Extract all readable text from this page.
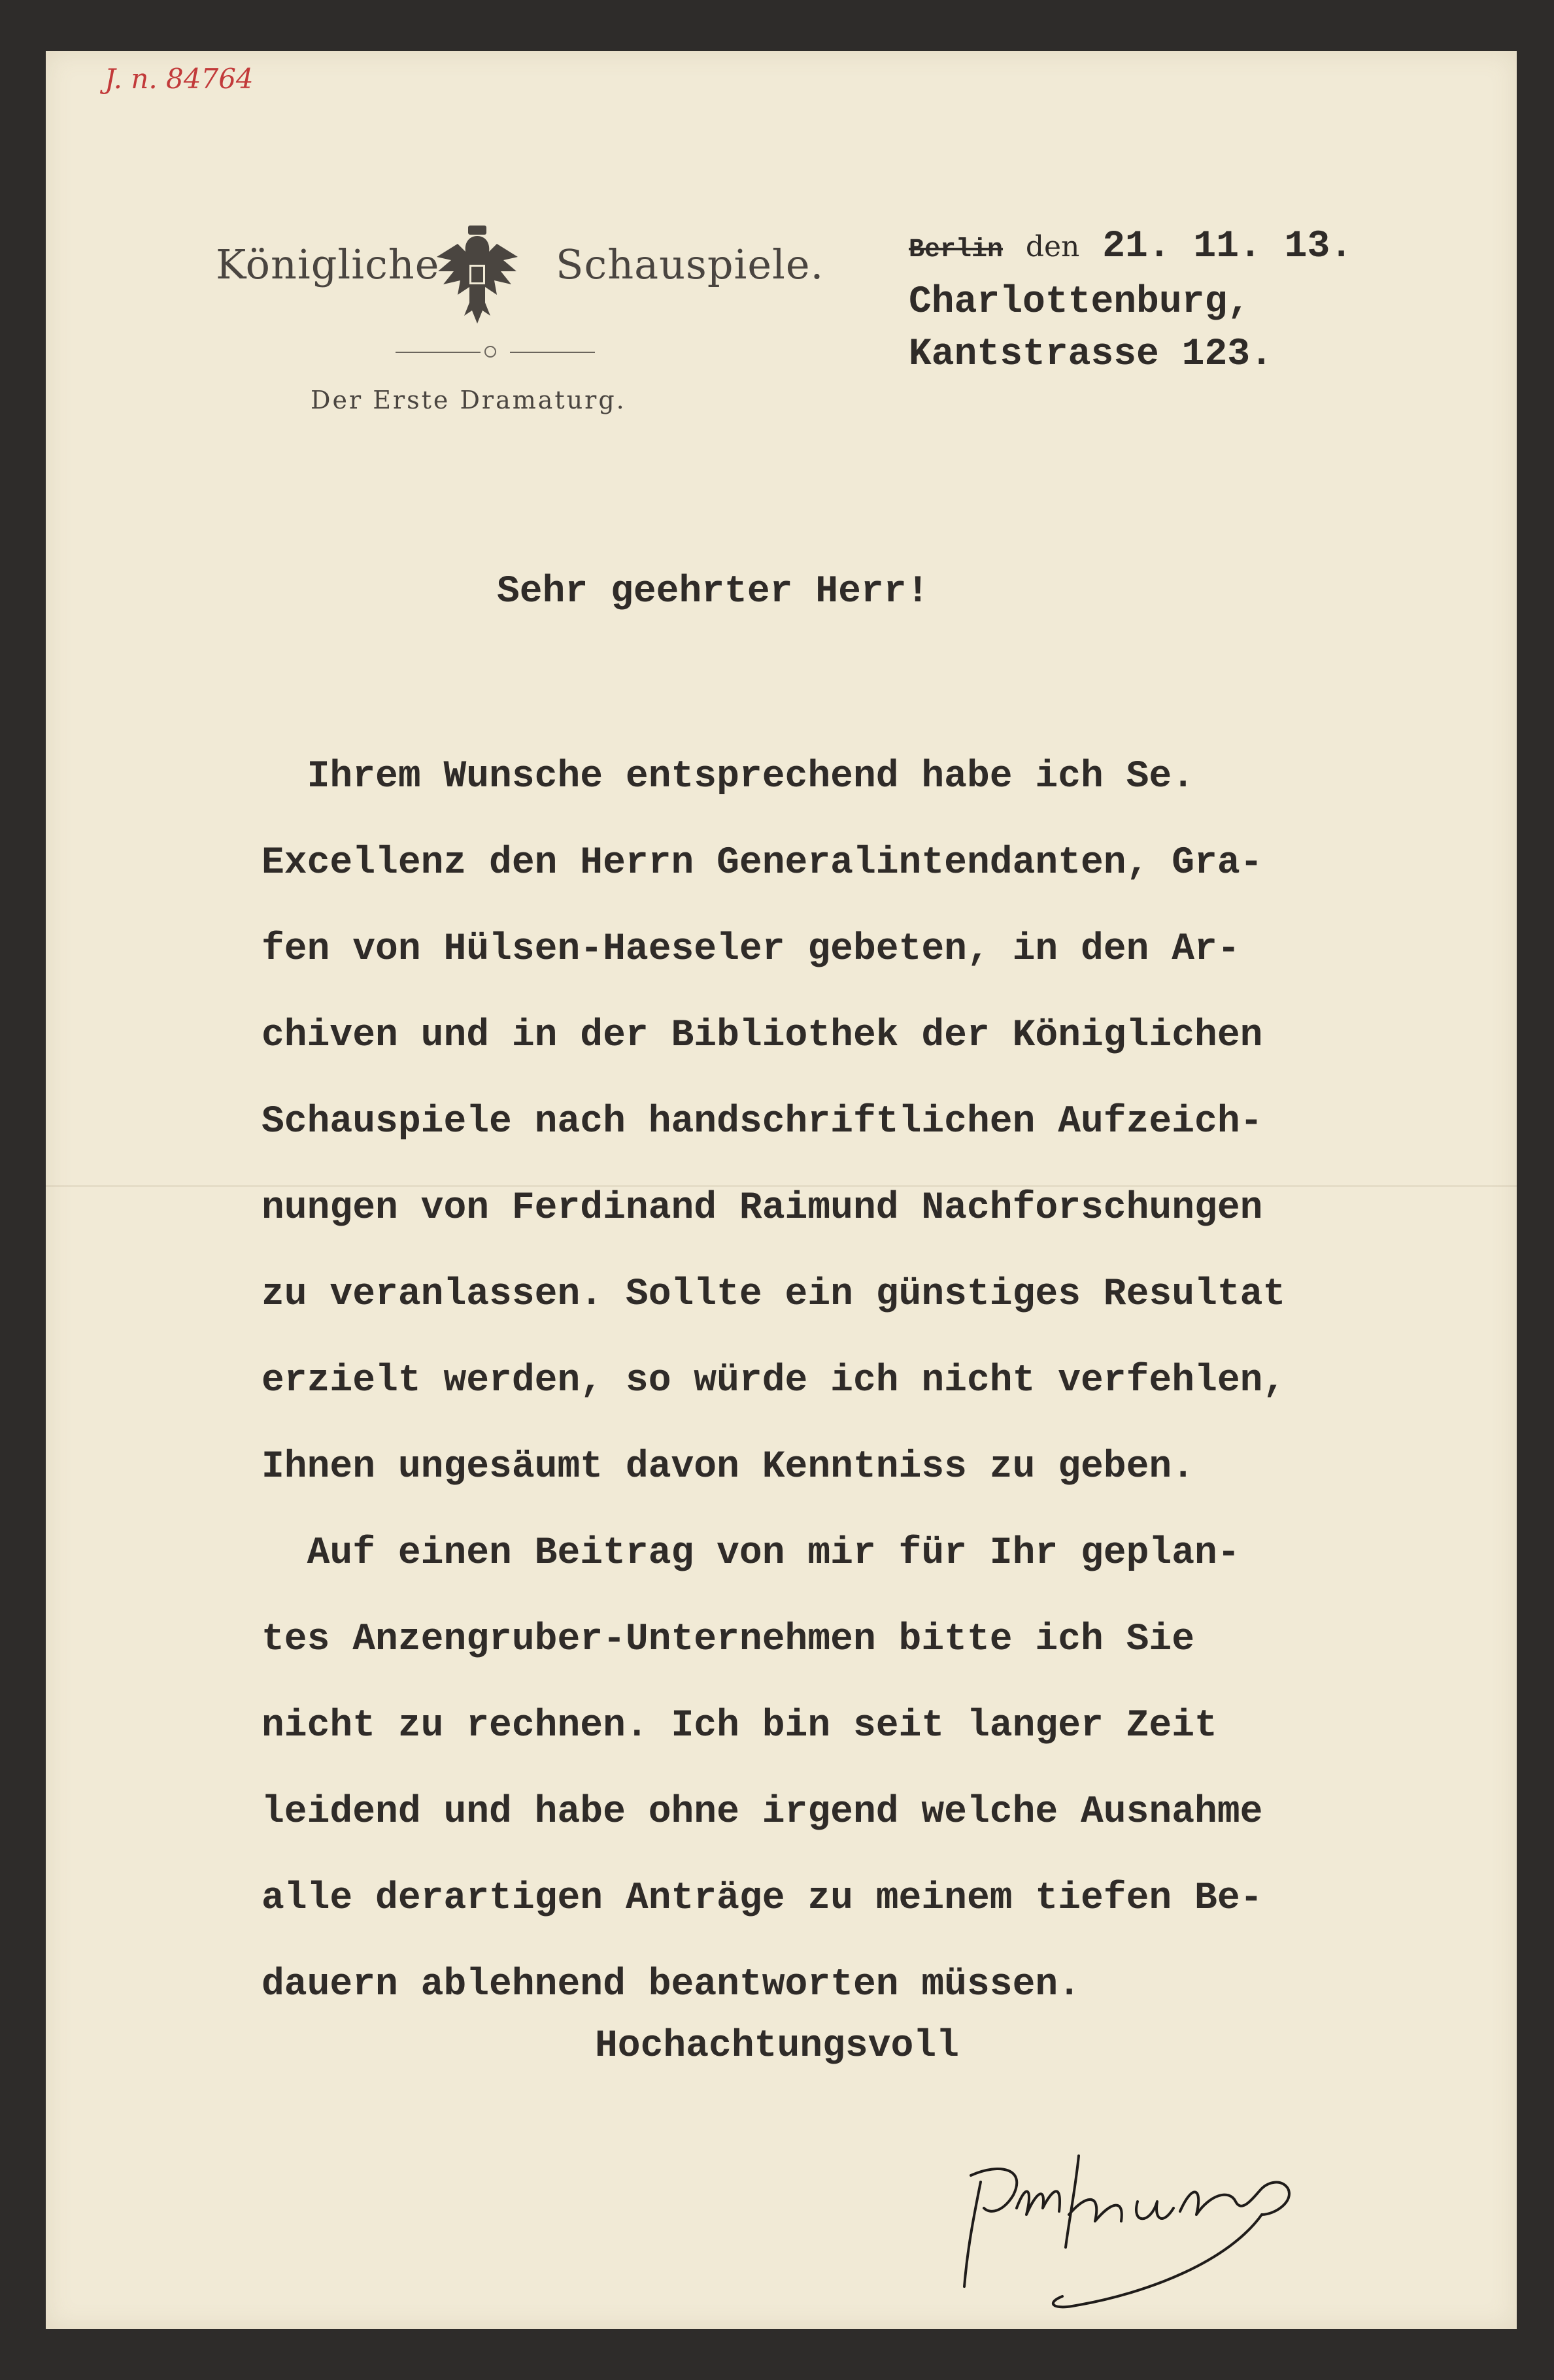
J. n. 84764
Königliche	Schauspiele.
Der Erste Dramaturg.
Berlin den 21. 11. 13.
Charlottenburg,
Kantstrasse 123.
Sehr geehrter Herr!
Ihrem Wunsche entsprechend habe ich Se.
Excellenz den Herrn Generalintendanten, Gra-
fen von Hülsen-Haeseler gebeten, in den Ar-
chiven und in der Bibliothek der Königlichen
Schauspiele nach handschriftlichen Aufzeich-
nungen von Ferdinand Raimund Nachforschungen
zu veranlassen. Sollte ein günstiges Resultat
erzielt werden, so würde ich nicht verfehlen,
Ihnen ungesäumt davon Kenntniss zu geben.
Auf einen Beitrag von mir für Ihr geplan-
tes Anzengruber-Unternehmen bitte ich Sie
nicht zu rechnen. Ich bin seit langer Zeit
leidend und habe ohne irgend welche Ausnahme
alle derartigen Anträge zu meinem tiefen Be-
dauern ablehnend beantworten müssen.
Hochachtungsvoll
